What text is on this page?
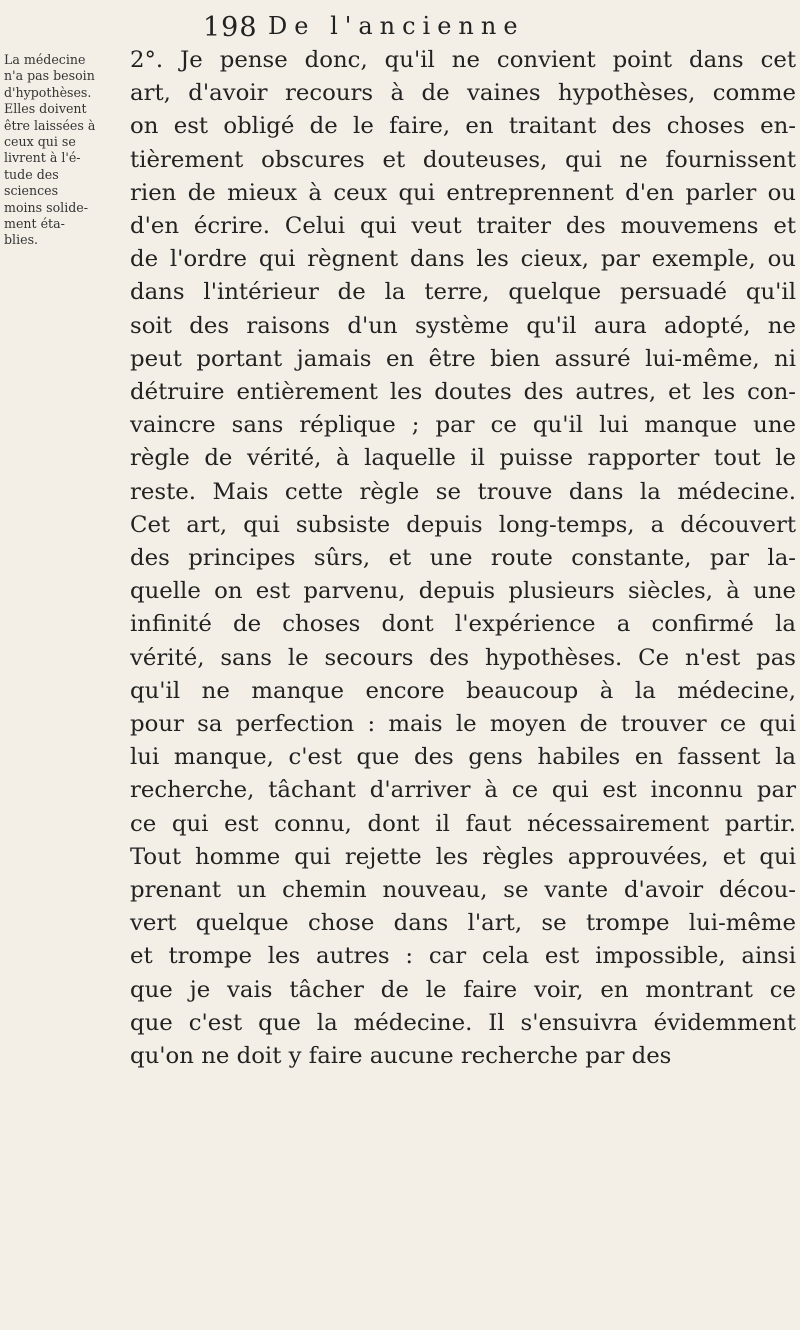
198 De l'ancienne
La médecine
n'a pas besoin
d'hypothèses.
Elles doivent
être laissées à
ceux qui se
livrent à l'é-
tude des
sciences
moins solide-
ment éta-
blies.
2°. Je pense donc, qu'il ne convient point dans cet
art, d'avoir recours à de vaines hypothèses, comme
on est obligé de le faire, en traitant des choses en-
tièrement obscures et douteuses, qui ne fournissent
rien de mieux à ceux qui entreprennent d'en parler ou
d'en écrire. Celui qui veut traiter des mouvemens et
de l'ordre qui règnent dans les cieux, par exemple, ou
dans l'intérieur de la terre, quelque persuadé qu'il
soit des raisons d'un système qu'il aura adopté, ne
peut portant jamais en être bien assuré lui-même, ni
détruire entièrement les doutes des autres, et les con-
vaincre sans réplique ; par ce qu'il lui manque une
règle de vérité, à laquelle il puisse rapporter tout le
reste. Mais cette règle se trouve dans la médecine.
Cet art, qui subsiste depuis long-temps, a découvert
des principes sûrs, et une route constante, par la-
quelle on est parvenu, depuis plusieurs siècles, à une
infinité de choses dont l'expérience a confirmé la
vérité, sans le secours des hypothèses. Ce n'est pas
qu'il ne manque encore beaucoup à la médecine,
pour sa perfection : mais le moyen de trouver ce qui
lui manque, c'est que des gens habiles en fassent la
recherche, tâchant d'arriver à ce qui est inconnu par
ce qui est connu, dont il faut nécessairement partir.
Tout homme qui rejette les règles approuvées, et qui
prenant un chemin nouveau, se vante d'avoir décou-
vert quelque chose dans l'art, se trompe lui-même
et trompe les autres : car cela est impossible, ainsi
que je vais tâcher de le faire voir, en montrant ce
que c'est que la médecine. Il s'ensuivra évidemment
qu'on ne doit y faire aucune recherche par des
